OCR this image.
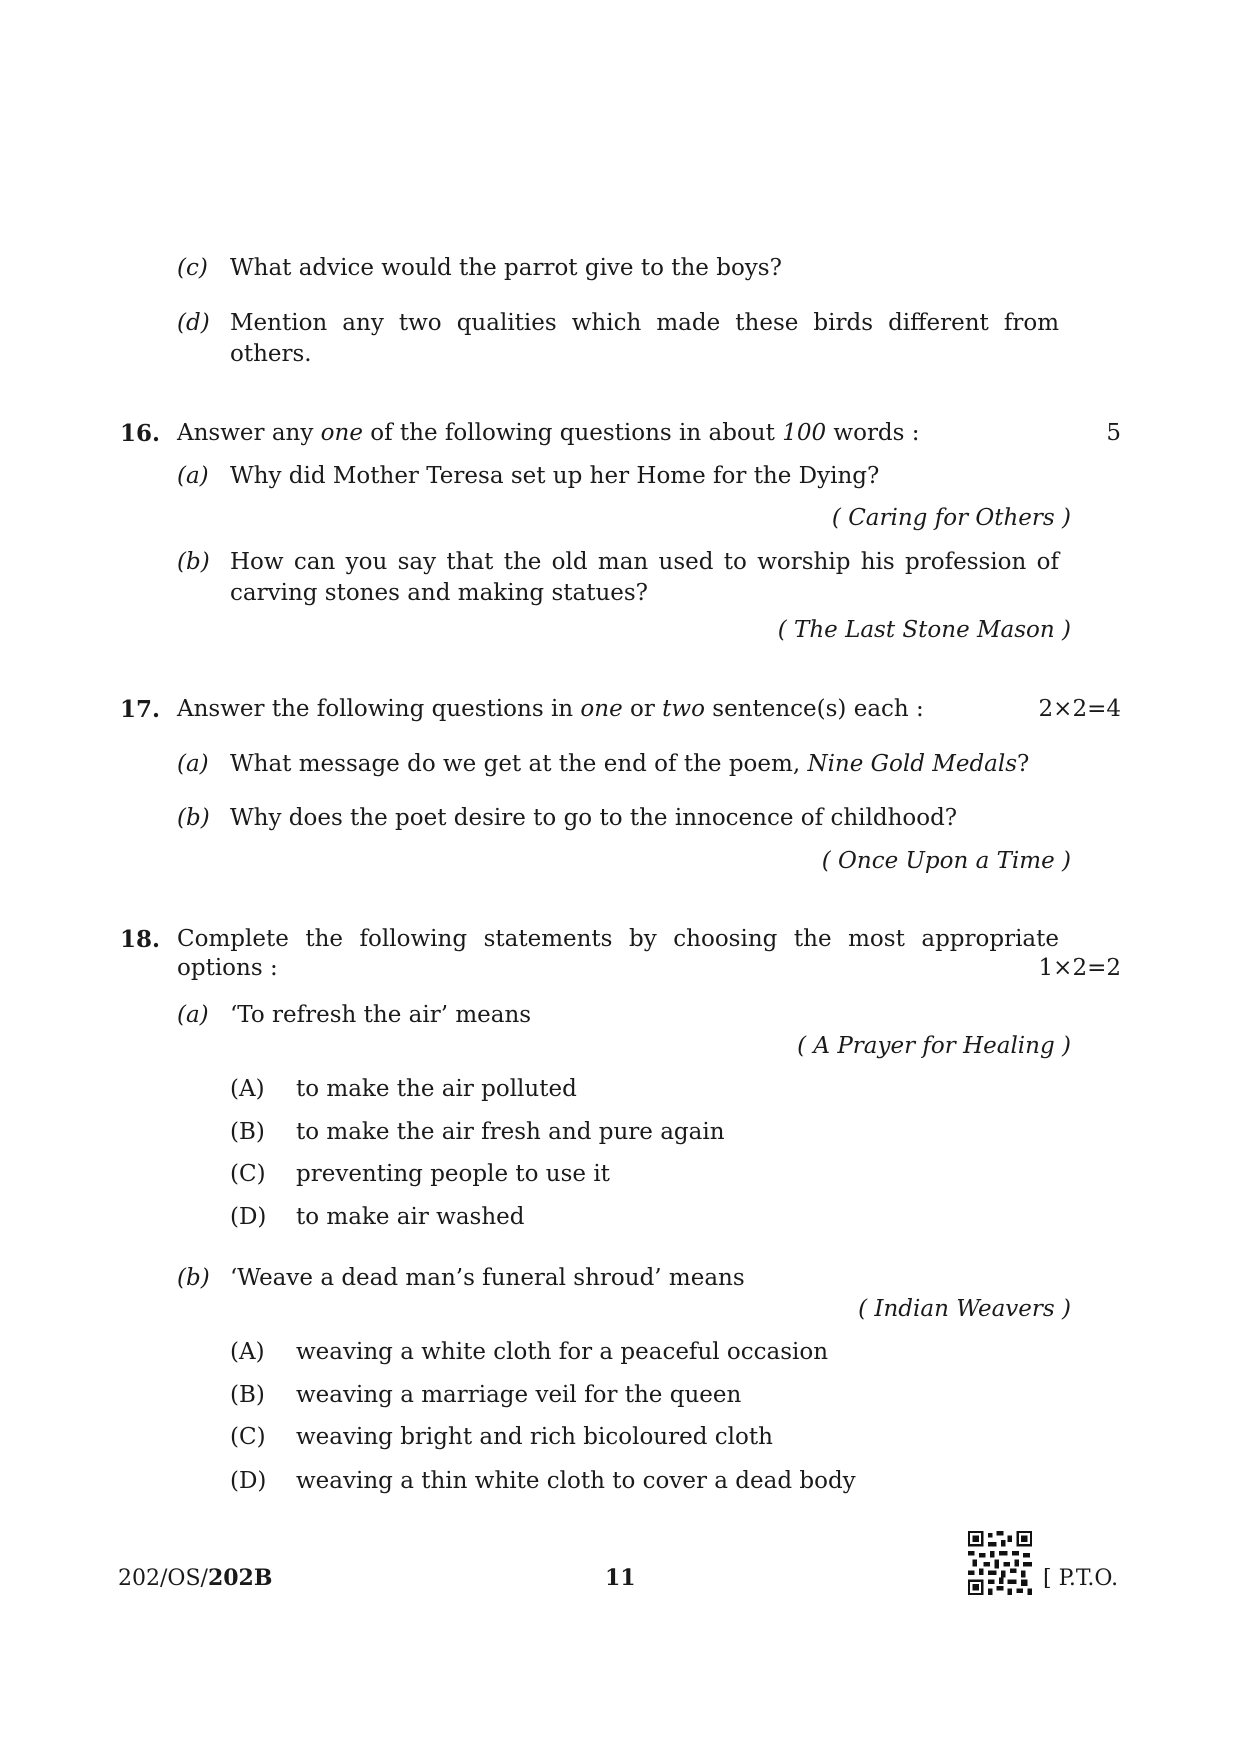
(c) What advice would the parrot give to the boys?
(d) Mention any two qualities which made these birds different from
others.
16. Answer any one of the following questions in about 100 words :	5
(a) Why did Mother Teresa set up her Home for the Dying?
( Caring for Others )
(b) How can you say that the old man used to worship his profession of
carving stones and making statues?
( The Last Stone Mason )
17. Answer the following questions in one or two sentence(s) each :	2×2=4
(a) What message do we get at the end of the poem, Nine Gold Medals?
(b) Why does the poet desire to go to the innocence of childhood?
( Once Upon a Time )
18. Complete the following statements by choosing the most appropriate
options :	1×2=2
(a) ‘To refresh the air’ means
( A Prayer for Healing )
(A) to make the air polluted
(B) to make the air fresh and pure again
(C) preventing people to use it
(D) to make air washed
(b) ‘Weave a dead man’s funeral shroud’ means
( Indian Weavers )
(A) weaving a white cloth for a peaceful occasion
(B) weaving a marriage veil for the queen
(C) weaving bright and rich bicoloured cloth
(D) weaving a thin white cloth to cover a dead body
202/OS/202B	11	[ P.T.O.
